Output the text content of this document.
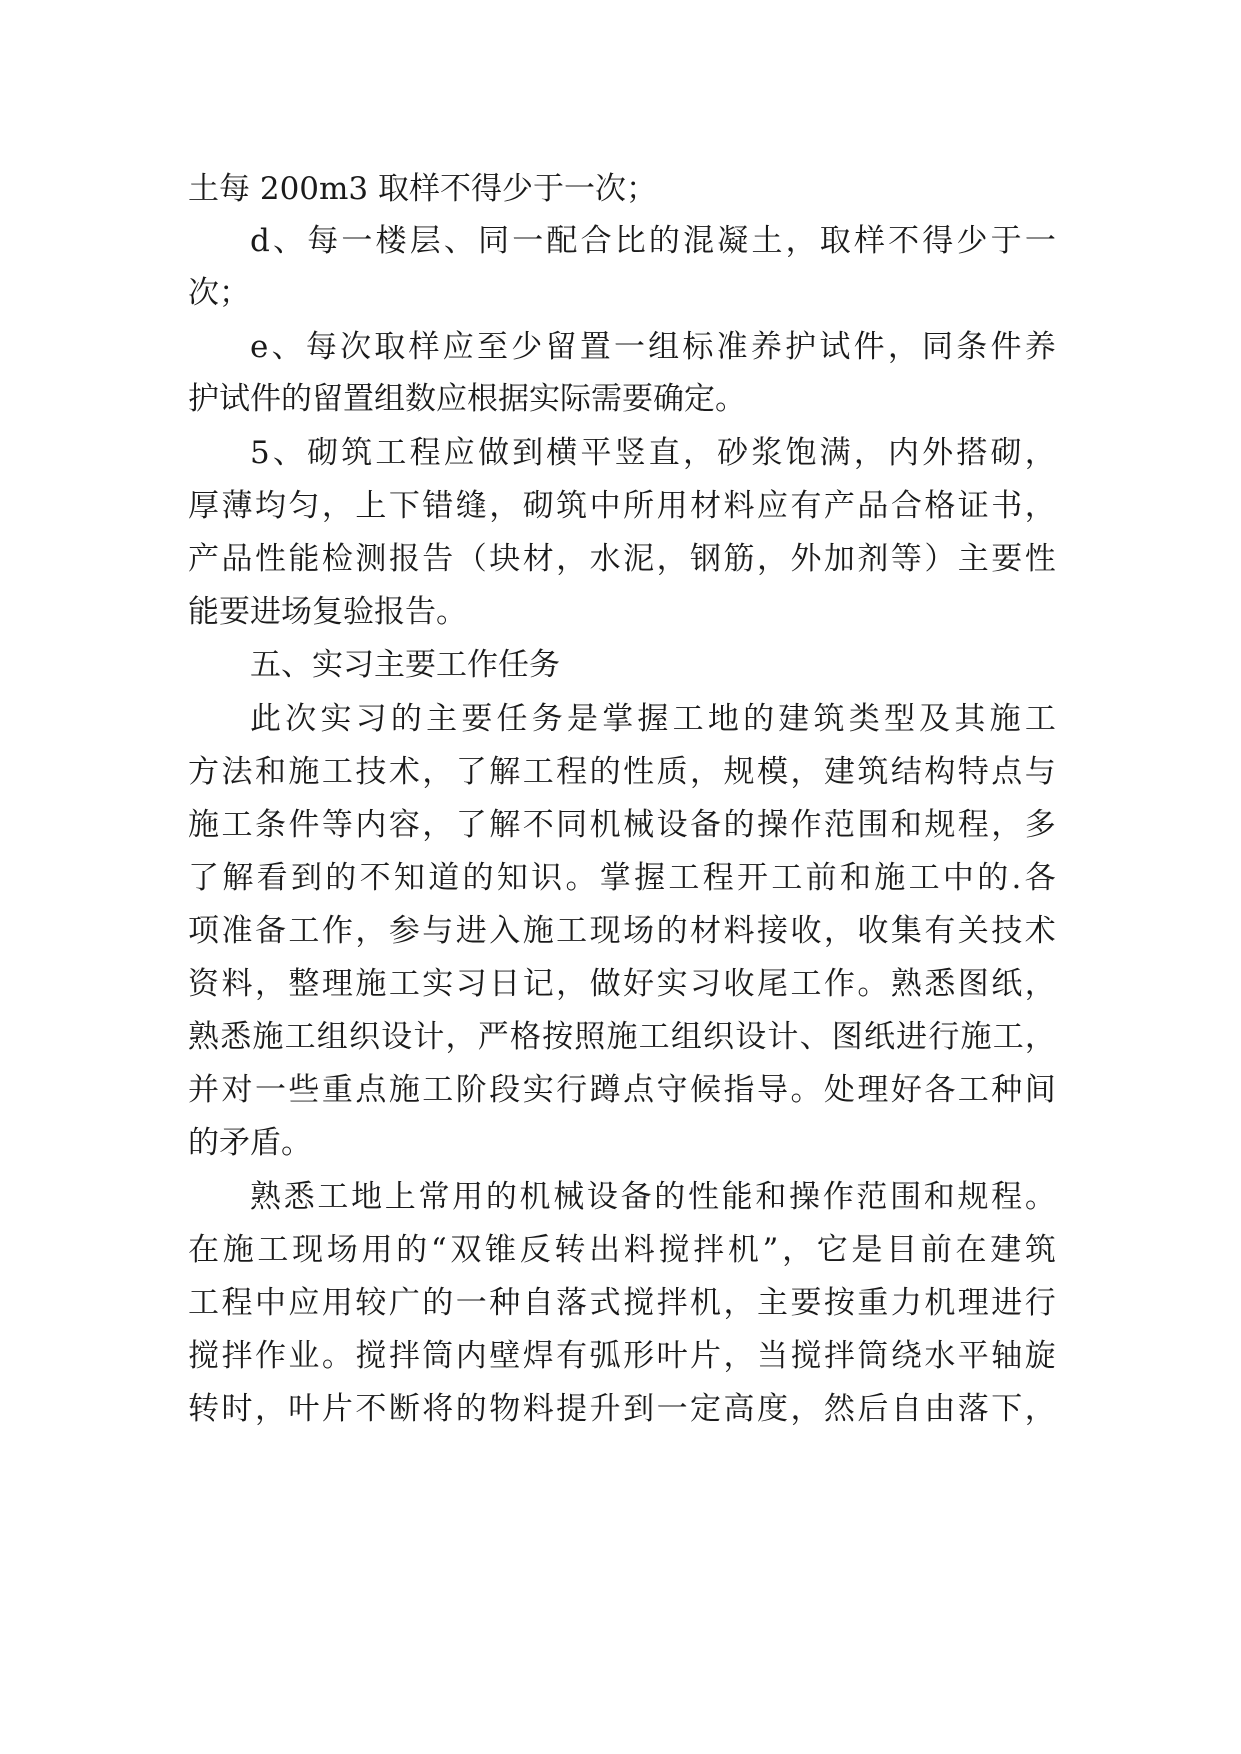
土每 200m3 取样不得少于一次；
d 、 每 一 楼 层 、 同 一 配 合 比 的 混 凝 土 ， 取 样 不 得 少 于 一
次；
e 、 每 次 取 样 应 至 少 留 置 一 组 标 准 养 护 试 件 ， 同 条 件 养
护试件的留置组数应根据实际需要确定。
5 、 砌 筑 工 程 应 做 到 横 平 竖 直 ， 砂 浆 饱 满 ， 内 外 搭 砌 ，
厚 薄 均 匀 ， 上 下 错 缝 ， 砌 筑 中 所 用 材 料 应 有 产 品 合 格 证 书 ，
产 品 性 能 检 测 报 告 （ 块 材 ， 水 泥 ， 钢 筋 ， 外 加 剂 等 ） 主 要 性
能要进场复验报告。
五、实习主要工作任务
此 次 实 习 的 主 要 任 务 是 掌 握 工 地 的 建 筑 类 型 及 其 施 工
方 法 和 施 工 技 术 ， 了 解 工 程 的 性 质 ， 规 模 ， 建 筑 结 构 特 点 与
施 工 条 件 等 内 容 ， 了 解 不 同 机 械 设 备 的 操 作 范 围 和 规 程 ， 多
了 解 看 到 的 不 知 道 的 知 识 。 掌 握 工 程 开 工 前 和 施 工 中 的 . 各
项 准 备 工 作 ， 参 与 进 入 施 工 现 场 的 材 料 接 收 ， 收 集 有 关 技 术
资 料 ， 整 理 施 工 实 习 日 记 ， 做 好 实 习 收 尾 工 作 。 熟 悉 图 纸 ，
熟 悉 施 工 组 织 设 计 ， 严 格 按 照 施 工 组 织 设 计 、 图 纸 进 行 施 工 ，
并 对 一 些 重 点 施 工 阶 段 实 行 蹲 点 守 候 指 导 。 处 理 好 各 工 种 间
的矛盾。
熟 悉 工 地 上 常 用 的 机 械 设 备 的 性 能 和 操 作 范 围 和 规 程 。
在 施 工 现 场 用 的 “ 双 锥 反 转 出 料 搅 拌 机 ” ， 它 是 目 前 在 建 筑
工 程 中 应 用 较 广 的 一 种 自 落 式 搅 拌 机 ， 主 要 按 重 力 机 理 进 行
搅 拌 作 业 。 搅 拌 筒 内 壁 焊 有 弧 形 叶 片 ， 当 搅 拌 筒 绕 水 平 轴 旋
转 时 ， 叶 片 不 断 将 的 物 料 提 升 到 一 定 高 度 ， 然 后 自 由 落 下 ，
